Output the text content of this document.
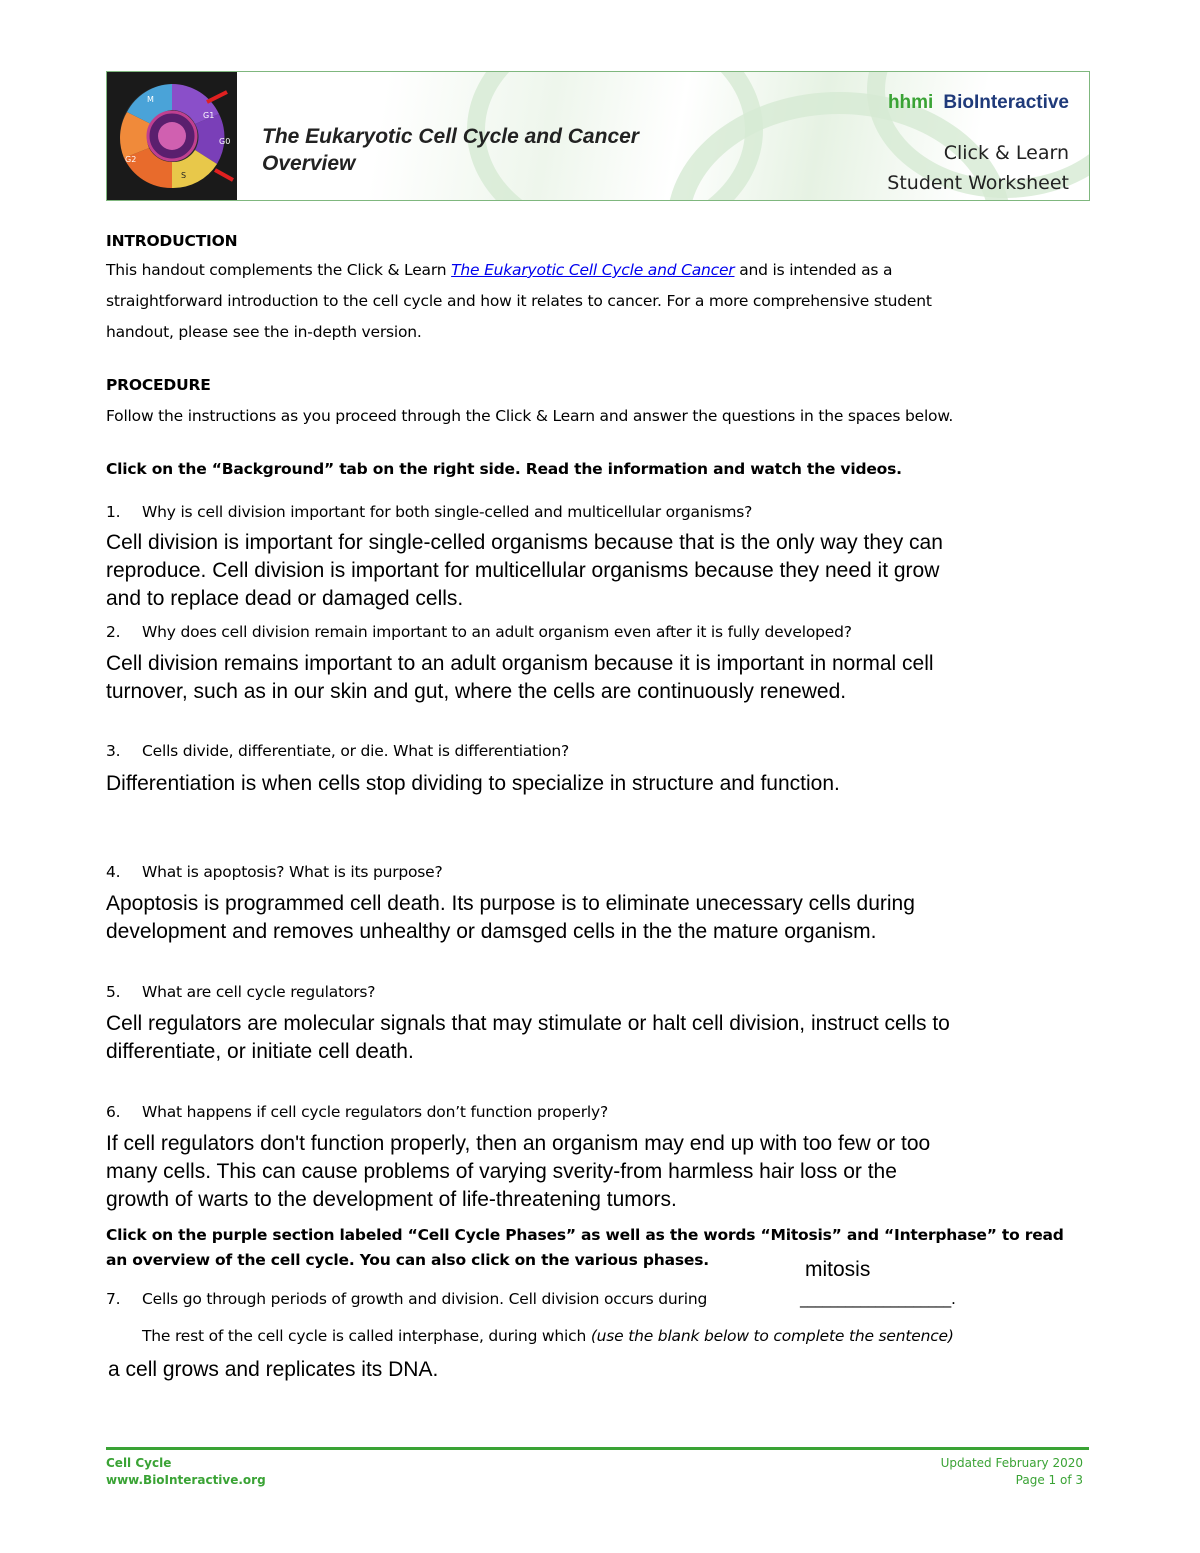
M
G1
G0
S
G2
The Eukaryotic Cell Cycle and Cancer
Overview
hhmi BioInteractive
Click & Learn
Student Worksheet
INTRODUCTION
This handout complements the Click & Learn The Eukaryotic Cell Cycle and Cancer and is intended as a
straightforward introduction to the cell cycle and how it relates to cancer. For a more comprehensive student
handout, please see the in-depth version.
PROCEDURE
Follow the instructions as you proceed through the Click & Learn and answer the questions in the spaces below.
Click on the “Background” tab on the right side. Read the information and watch the videos.
1. Why is cell division important for both single-celled and multicellular organisms?
Cell division is important for single-celled organisms because that is the only way they can
reproduce. Cell division is important for multicellular organisms because they need it grow
and to replace dead or damaged cells.
2. Why does cell division remain important to an adult organism even after it is fully developed?
Cell division remains important to an adult organism because it is important in normal cell
turnover, such as in our skin and gut, where the cells are continuously renewed.
3. Cells divide, differentiate, or die. What is differentiation?
Differentiation is when cells stop dividing to specialize in structure and function.
4. What is apoptosis? What is its purpose?
Apoptosis is programmed cell death. Its purpose is to eliminate unecessary cells during
development and removes unhealthy or damsged cells in the the mature organism.
5. What are cell cycle regulators?
Cell regulators are molecular signals that may stimulate or halt cell division, instruct cells to
differentiate, or initiate cell death.
6. What happens if cell cycle regulators don’t function properly?
If cell regulators don't function properly, then an organism may end up with too few or too
many cells. This can cause problems of varying sverity-from harmless hair loss or the
growth of warts to the development of life-threatening tumors.
Click on the purple section labeled “Cell Cycle Phases” as well as the words “Mitosis” and “Interphase” to read
an overview of the cell cycle. You can also click on the various phases.	mitosis
7. Cells go through periods of growth and division. Cell division occurs during	____________________.
The rest of the cell cycle is called interphase, during which (use the blank below to complete the sentence)
a cell grows and replicates its DNA.
Cell Cycle
www.BioInteractive.org
Updated February 2020
Page 1 of 3
